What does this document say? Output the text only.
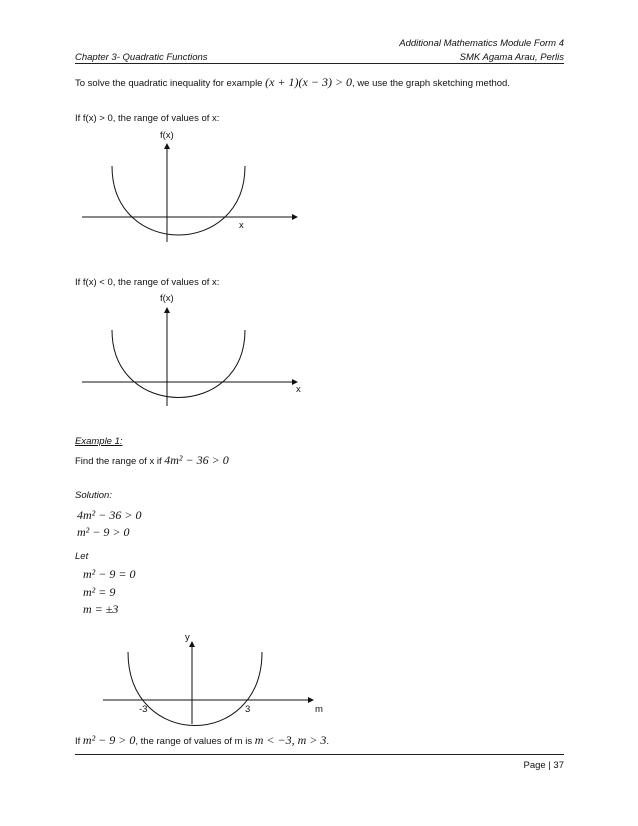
Additional Mathematics Module Form 4
Chapter 3- Quadratic Functions	SMK Agama Arau, Perlis
To solve the quadratic inequality for example (x + 1)(x − 3) > 0, we use the graph sketching method.
If f(x) > 0, the range of values of x:
f(x)
x
If f(x) < 0, the range of values of x:
f(x)
x
Example 1:
Find the range of x if 4m² − 36 > 0
Solution:
4m² − 36 > 0
m² − 9 > 0
Let
m² − 9 = 0
m² = 9
m = ±3
y
-3	3	m
If m² − 9 > 0, the range of values of m is m < −3, m > 3.
Page | 37
